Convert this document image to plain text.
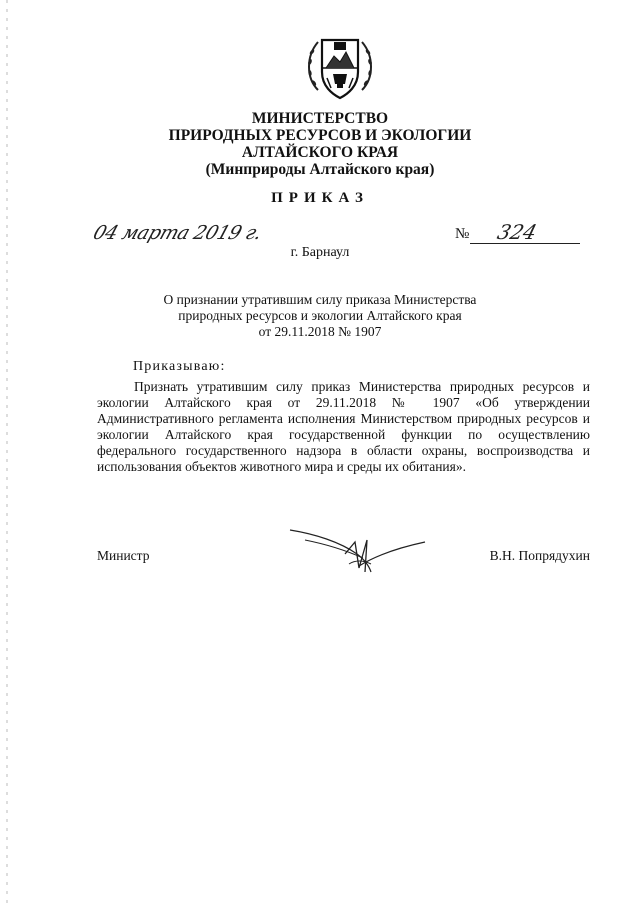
МИНИСТЕРСТВО
ПРИРОДНЫХ РЕСУРСОВ И ЭКОЛОГИИ
АЛТАЙСКОГО КРАЯ
(Минприроды Алтайского края)
ПРИКАЗ
04 марта 2019 г.	№ 324
г. Барнаул
О признании утратившим силу приказа Министерства
природных ресурсов и экологии Алтайского края
от 29.11.2018 № 1907
Приказываю:
Признать утратившим силу приказ Министерства природных ресурсов и экологии Алтайского края от 29.11.2018 № 1907 «Об утверждении Административного регламента исполнения Министерством природных ресурсов и экологии Алтайского края государственной функции по осуществлению федерального государственного надзора в области охраны, воспроизводства и использования объектов животного мира и среды их обитания».
Министр	В.Н. Попрядухин
